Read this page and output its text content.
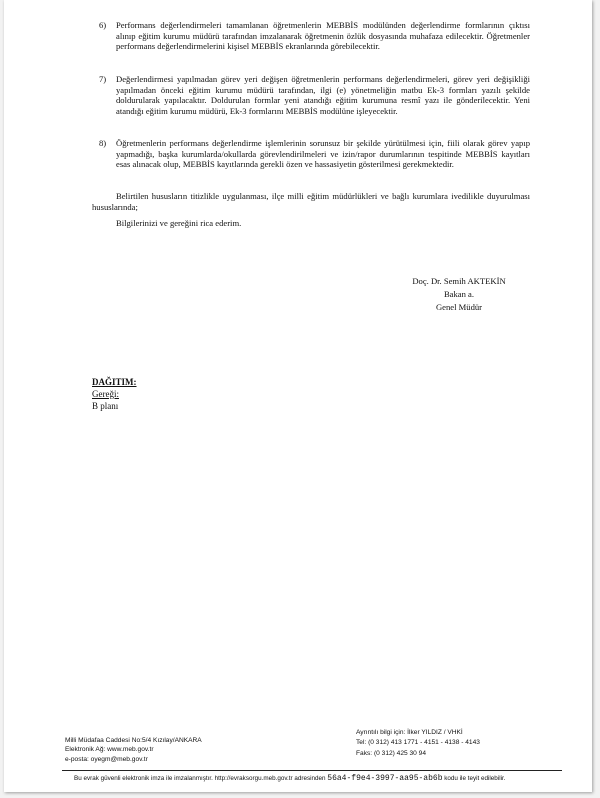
6) Performans değerlendirmeleri tamamlanan öğretmenlerin MEBBİS modülünden değerlendirme formlarının çıktısı alınıp eğitim kurumu müdürü tarafından imzalanarak öğretmenin özlük dosyasında muhafaza edilecektir. Öğretmenler performans değerlendirmelerini kişisel MEBBİS ekranlarında görebilecektir.
7) Değerlendirmesi yapılmadan görev yeri değişen öğretmenlerin performans değerlendirmeleri, görev yeri değişikliği yapılmadan önceki eğitim kurumu müdürü tarafından, ilgi (e) yönetmeliğin matbu Ek-3 formları yazılı şekilde doldurularak yapılacaktır. Doldurulan formlar yeni atandığı eğitim kurumuna resmî yazı ile gönderilecektir. Yeni atandığı eğitim kurumu müdürü, Ek-3 formlarını MEBBİS modülüne işleyecektir.
8) Öğretmenlerin performans değerlendirme işlemlerinin sorunsuz bir şekilde yürütülmesi için, fiili olarak görev yapıp yapmadığı, başka kurumlarda/okullarda görevlendirilmeleri ve izin/rapor durumlarının tespitinde MEBBİS kayıtları esas alınacak olup, MEBBİS kayıtlarında gerekli özen ve hassasiyetin gösterilmesi gerekmektedir.
Belirtilen hususların titizlikle uygulanması, ilçe milli eğitim müdürlükleri ve bağlı kurumlara ivedilikle duyurulması hususlarında;
Bilgilerinizi ve gereğini rica ederim.
Doç. Dr. Semih AKTEKİN
Bakan a.
Genel Müdür
DAĞITIM:
Gereği:
B planı
Milli Müdafaa Caddesi No:5/4 Kızılay/ANKARA
Elektronik Ağ: www.meb.gov.tr
e-posta: oyegm@meb.gov.tr
Ayrıntılı bilgi için: İlker YILDIZ / VHKİ
Tel: (0 312) 413 1771 - 4151 - 4138 - 4143
Faks: (0 312) 425 30 94
Bu evrak güvenli elektronik imza ile imzalanmıştır. http://evraksorgu.meb.gov.tr adresinden 56a4-f9e4-3997-aa95-ab6b kodu ile teyit edilebilir.
